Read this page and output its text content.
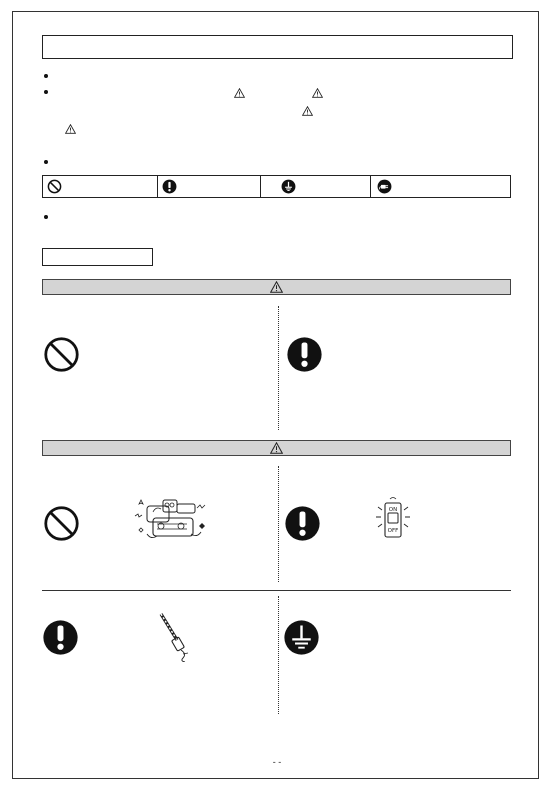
ON
OFF
- -
